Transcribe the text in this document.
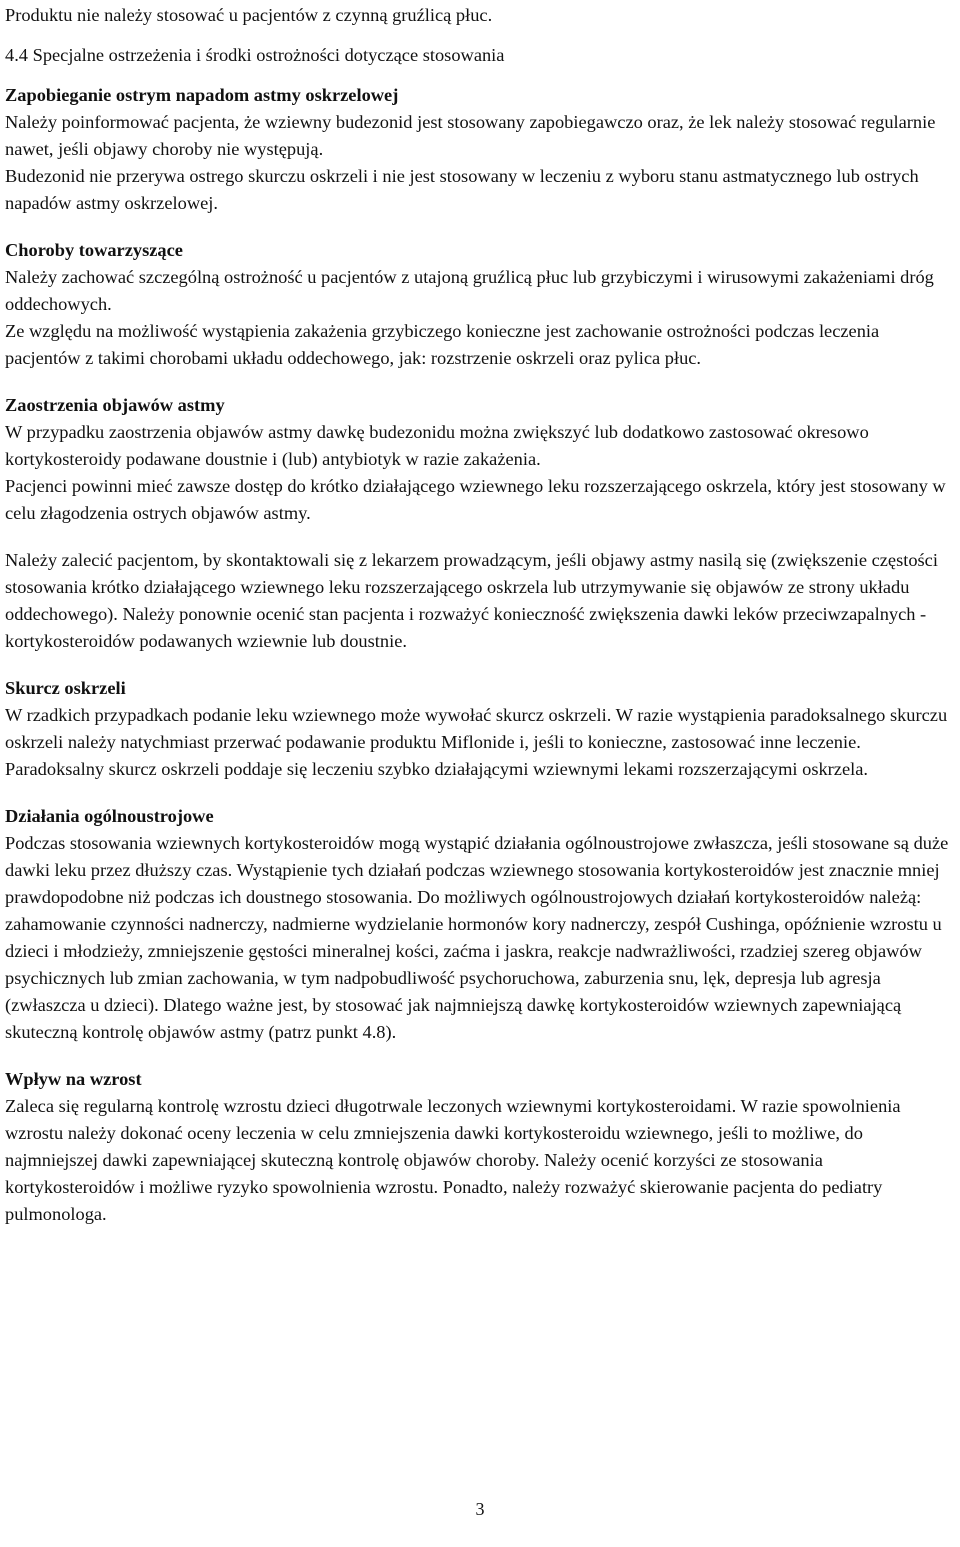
Produktu nie należy stosować u pacjentów z czynną gruźlicą płuc.

4.4 Specjalne ostrzeżenia i środki ostrożności dotyczące stosowania

Zapobieganie ostrym napadom astmy oskrzelowej

Należy poinformować pacjenta, że wziewny budezonid jest stosowany zapobiegawczo oraz, że lek należy stosować regularnie nawet, jeśli objawy choroby nie występują.

Budezonid nie przerywa ostrego skurczu oskrzeli i nie jest stosowany w leczeniu z wyboru stanu astmatycznego lub ostrych napadów astmy oskrzelowej.

Choroby towarzyszące

Należy zachować szczególną ostrożność u pacjentów z utajoną gruźlicą płuc lub grzybiczymi i wirusowymi zakażeniami dróg oddechowych.

Ze względu na możliwość wystąpienia zakażenia grzybiczego konieczne jest zachowanie ostrożności podczas leczenia pacjentów z takimi chorobami układu oddechowego, jak: rozstrzenie oskrzeli oraz pylica płuc.

Zaostrzenia objawów astmy

W przypadku zaostrzenia objawów astmy dawkę budezonidu można zwiększyć lub dodatkowo zastosować okresowo kortykosteroidy podawane doustnie i (lub) antybiotyk w razie zakażenia.

Pacjenci powinni mieć zawsze dostęp do krótko działającego wziewnego leku rozszerzającego oskrzela, który jest stosowany w celu złagodzenia ostrych objawów astmy.

Należy zalecić pacjentom, by skontaktowali się z lekarzem prowadzącym, jeśli objawy astmy nasilą się (zwiększenie częstości stosowania krótko działającego wziewnego leku rozszerzającego oskrzela lub utrzymywanie się objawów ze strony układu oddechowego). Należy ponownie ocenić stan pacjenta i rozważyć konieczność zwiększenia dawki leków przeciwzapalnych - kortykosteroidów podawanych wziewnie lub doustnie.

Skurcz oskrzeli

W rzadkich przypadkach podanie leku wziewnego może wywołać skurcz oskrzeli. W razie wystąpienia paradoksalnego skurczu oskrzeli należy natychmiast przerwać podawanie produktu Miflonide i, jeśli to konieczne, zastosować inne leczenie. Paradoksalny skurcz oskrzeli poddaje się leczeniu szybko działającymi wziewnymi lekami rozszerzającymi oskrzela.

Działania ogólnoustrojowe

Podczas stosowania wziewnych kortykosteroidów mogą wystąpić działania ogólnoustrojowe zwłaszcza, jeśli stosowane są duże dawki leku przez dłuższy czas. Wystąpienie tych działań podczas wziewnego stosowania kortykosteroidów jest znacznie mniej prawdopodobne niż podczas ich doustnego stosowania. Do możliwych ogólnoustrojowych działań kortykosteroidów należą: zahamowanie czynności nadnerczy, nadmierne wydzielanie hormonów kory nadnerczy, zespół Cushinga, opóźnienie wzrostu u dzieci i młodzieży, zmniejszenie gęstości mineralnej kości, zaćma i jaskra, reakcje nadwrażliwości, rzadziej szereg objawów psychicznych lub zmian zachowania, w tym nadpobudliwość psychoruchowa, zaburzenia snu, lęk, depresja lub agresja (zwłaszcza u dzieci). Dlatego ważne jest, by stosować jak najmniejszą dawkę kortykosteroidów wziewnych zapewniającą skuteczną kontrolę objawów astmy (patrz punkt 4.8).

Wpływ na wzrost

Zaleca się regularną kontrolę wzrostu dzieci długotrwale leczonych wziewnymi kortykosteroidami. W razie spowolnienia wzrostu należy dokonać oceny leczenia w celu zmniejszenia dawki kortykosteroidu wziewnego, jeśli to możliwe, do najmniejszej dawki zapewniającej skuteczną kontrolę objawów choroby. Należy ocenić korzyści ze stosowania kortykosteroidów i możliwe ryzyko spowolnienia wzrostu. Ponadto, należy rozważyć skierowanie pacjenta do pediatry pulmonologa.

3
